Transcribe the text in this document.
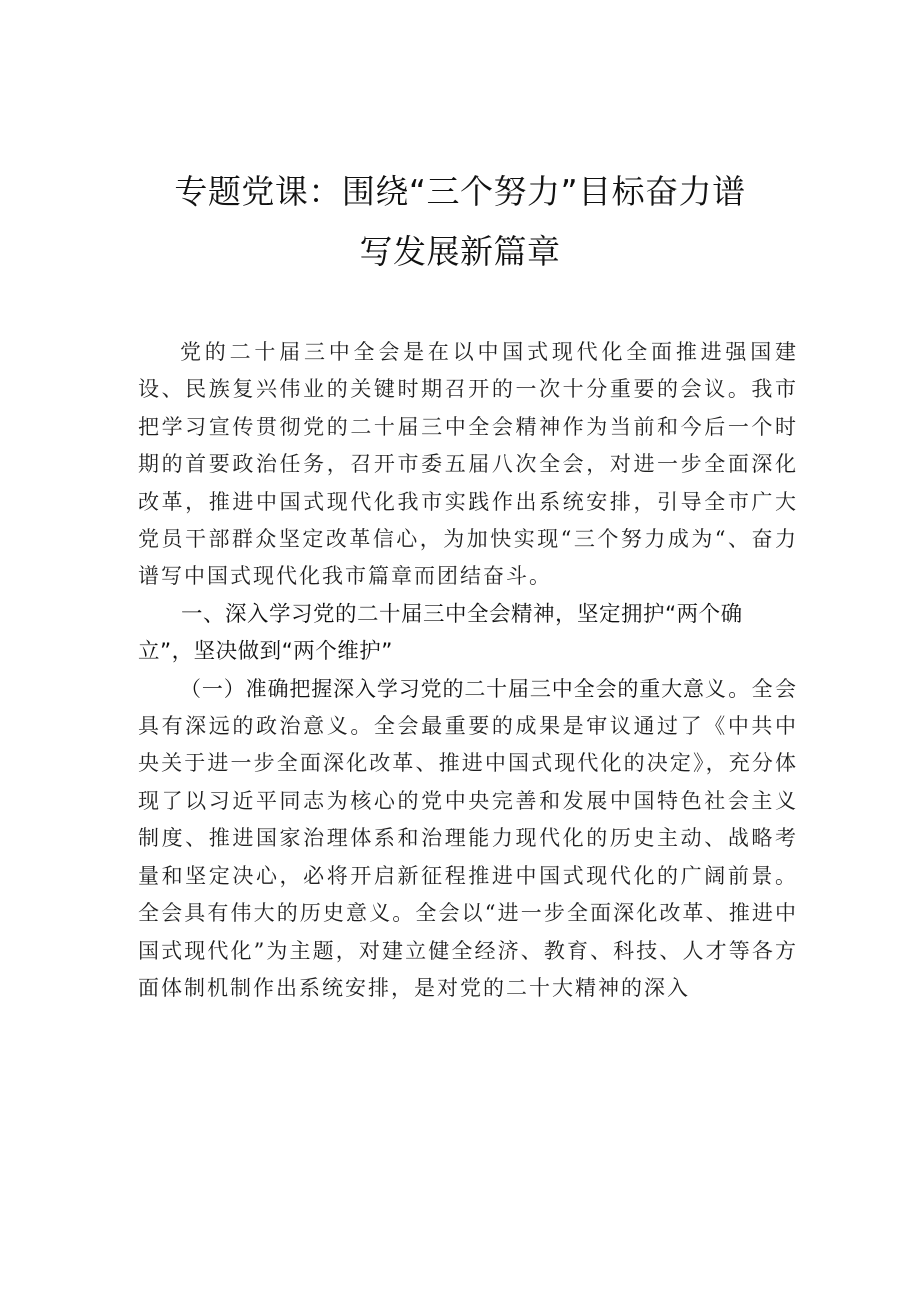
专题党课：围绕“三个努力”目标奋力谱
写发展新篇章

党的二十届三中全会是在以中国式现代化全面推进强国建设、民族复兴伟业的关键时期召开的一次十分重要的会议。我市把学习宣传贯彻党的二十届三中全会精神作为当前和今后一个时期的首要政治任务，召开市委五届八次全会，对进一步全面深化改革，推进中国式现代化我市实践作出系统安排，引导全市广大党员干部群众坚定改革信心，为加快实现“三个努力成为“、奋力谱写中国式现代化我市篇章而团结奋斗。

一、深入学习党的二十届三中全会精神，坚定拥护“两个确立”，坚决做到“两个维护”

（一）准确把握深入学习党的二十届三中全会的重大意义。全会具有深远的政治意义。全会最重要的成果是审议通过了《中共中央关于进一步全面深化改革、推进中国式现代化的决定》，充分体现了以习近平同志为核心的党中央完善和发展中国特色社会主义制度、推进国家治理体系和治理能力现代化的历史主动、战略考量和坚定决心，必将开启新征程推进中国式现代化的广阔前景。全会具有伟大的历史意义。全会以“进一步全面深化改革、推进中国式现代化”为主题，对建立健全经济、教育、科技、人才等各方面体制机制作出系统安排，是对党的二十大精神的深入
